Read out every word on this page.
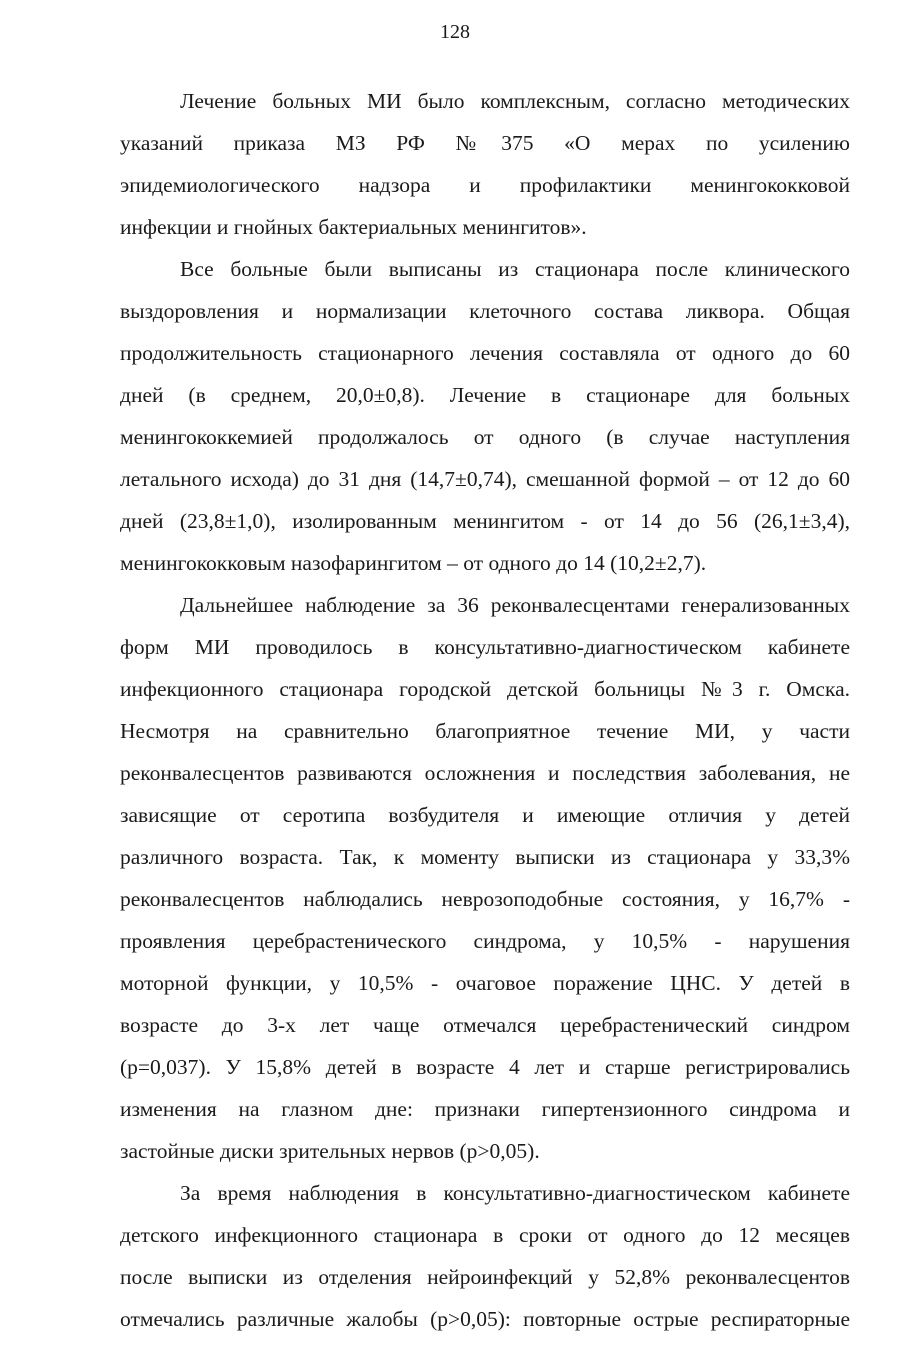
128
Лечение больных МИ было комплексным, согласно методических
указаний приказа МЗ РФ №375 «О мерах по усилению
эпидемиологического надзора и профилактики менингококковой
инфекции и гнойных бактериальных менингитов».
Все больные были выписаны из стационара после клинического
выздоровления и нормализации клеточного состава ликвора. Общая
продолжительность стационарного лечения составляла от одного до 60
дней (в среднем, 20,0±0,8). Лечение в стационаре для больных
менингококкемией продолжалось от одного (в случае наступления
летального исхода) до 31 дня (14,7±0,74), смешанной формой – от 12 до 60
дней (23,8±1,0), изолированным менингитом - от 14 до 56 (26,1±3,4),
менингококковым назофарингитом – от одного до 14 (10,2±2,7).
Дальнейшее наблюдение за 36 реконвалесцентами генерализованных
форм МИ проводилось в консультативно-диагностическом кабинете
инфекционного стационара городской детской больницы №3 г. Омска.
Несмотря на сравнительно благоприятное течение МИ, у части
реконвалесцентов развиваются осложнения и последствия заболевания, не
зависящие от серотипа возбудителя и имеющие отличия у детей
различного возраста. Так, к моменту выписки из стационара у 33,3%
реконвалесцентов наблюдались неврозоподобные состояния, у 16,7% -
проявления церебрастенического синдрома, у 10,5% - нарушения
моторной функции, у 10,5% - очаговое поражение ЦНС. У детей в
возрасте до 3-х лет чаще отмечался церебрастенический синдром
(р=0,037). У 15,8% детей в возрасте 4 лет и старше регистрировались
изменения на глазном дне: признаки гипертензионного синдрома и
застойные диски зрительных нервов (р>0,05).
За время наблюдения в консультативно-диагностическом кабинете
детского инфекционного стационара в сроки от одного до 12 месяцев
после выписки из отделения нейроинфекций у 52,8% реконвалесцентов
отмечались различные жалобы (р>0,05): повторные острые респираторные
